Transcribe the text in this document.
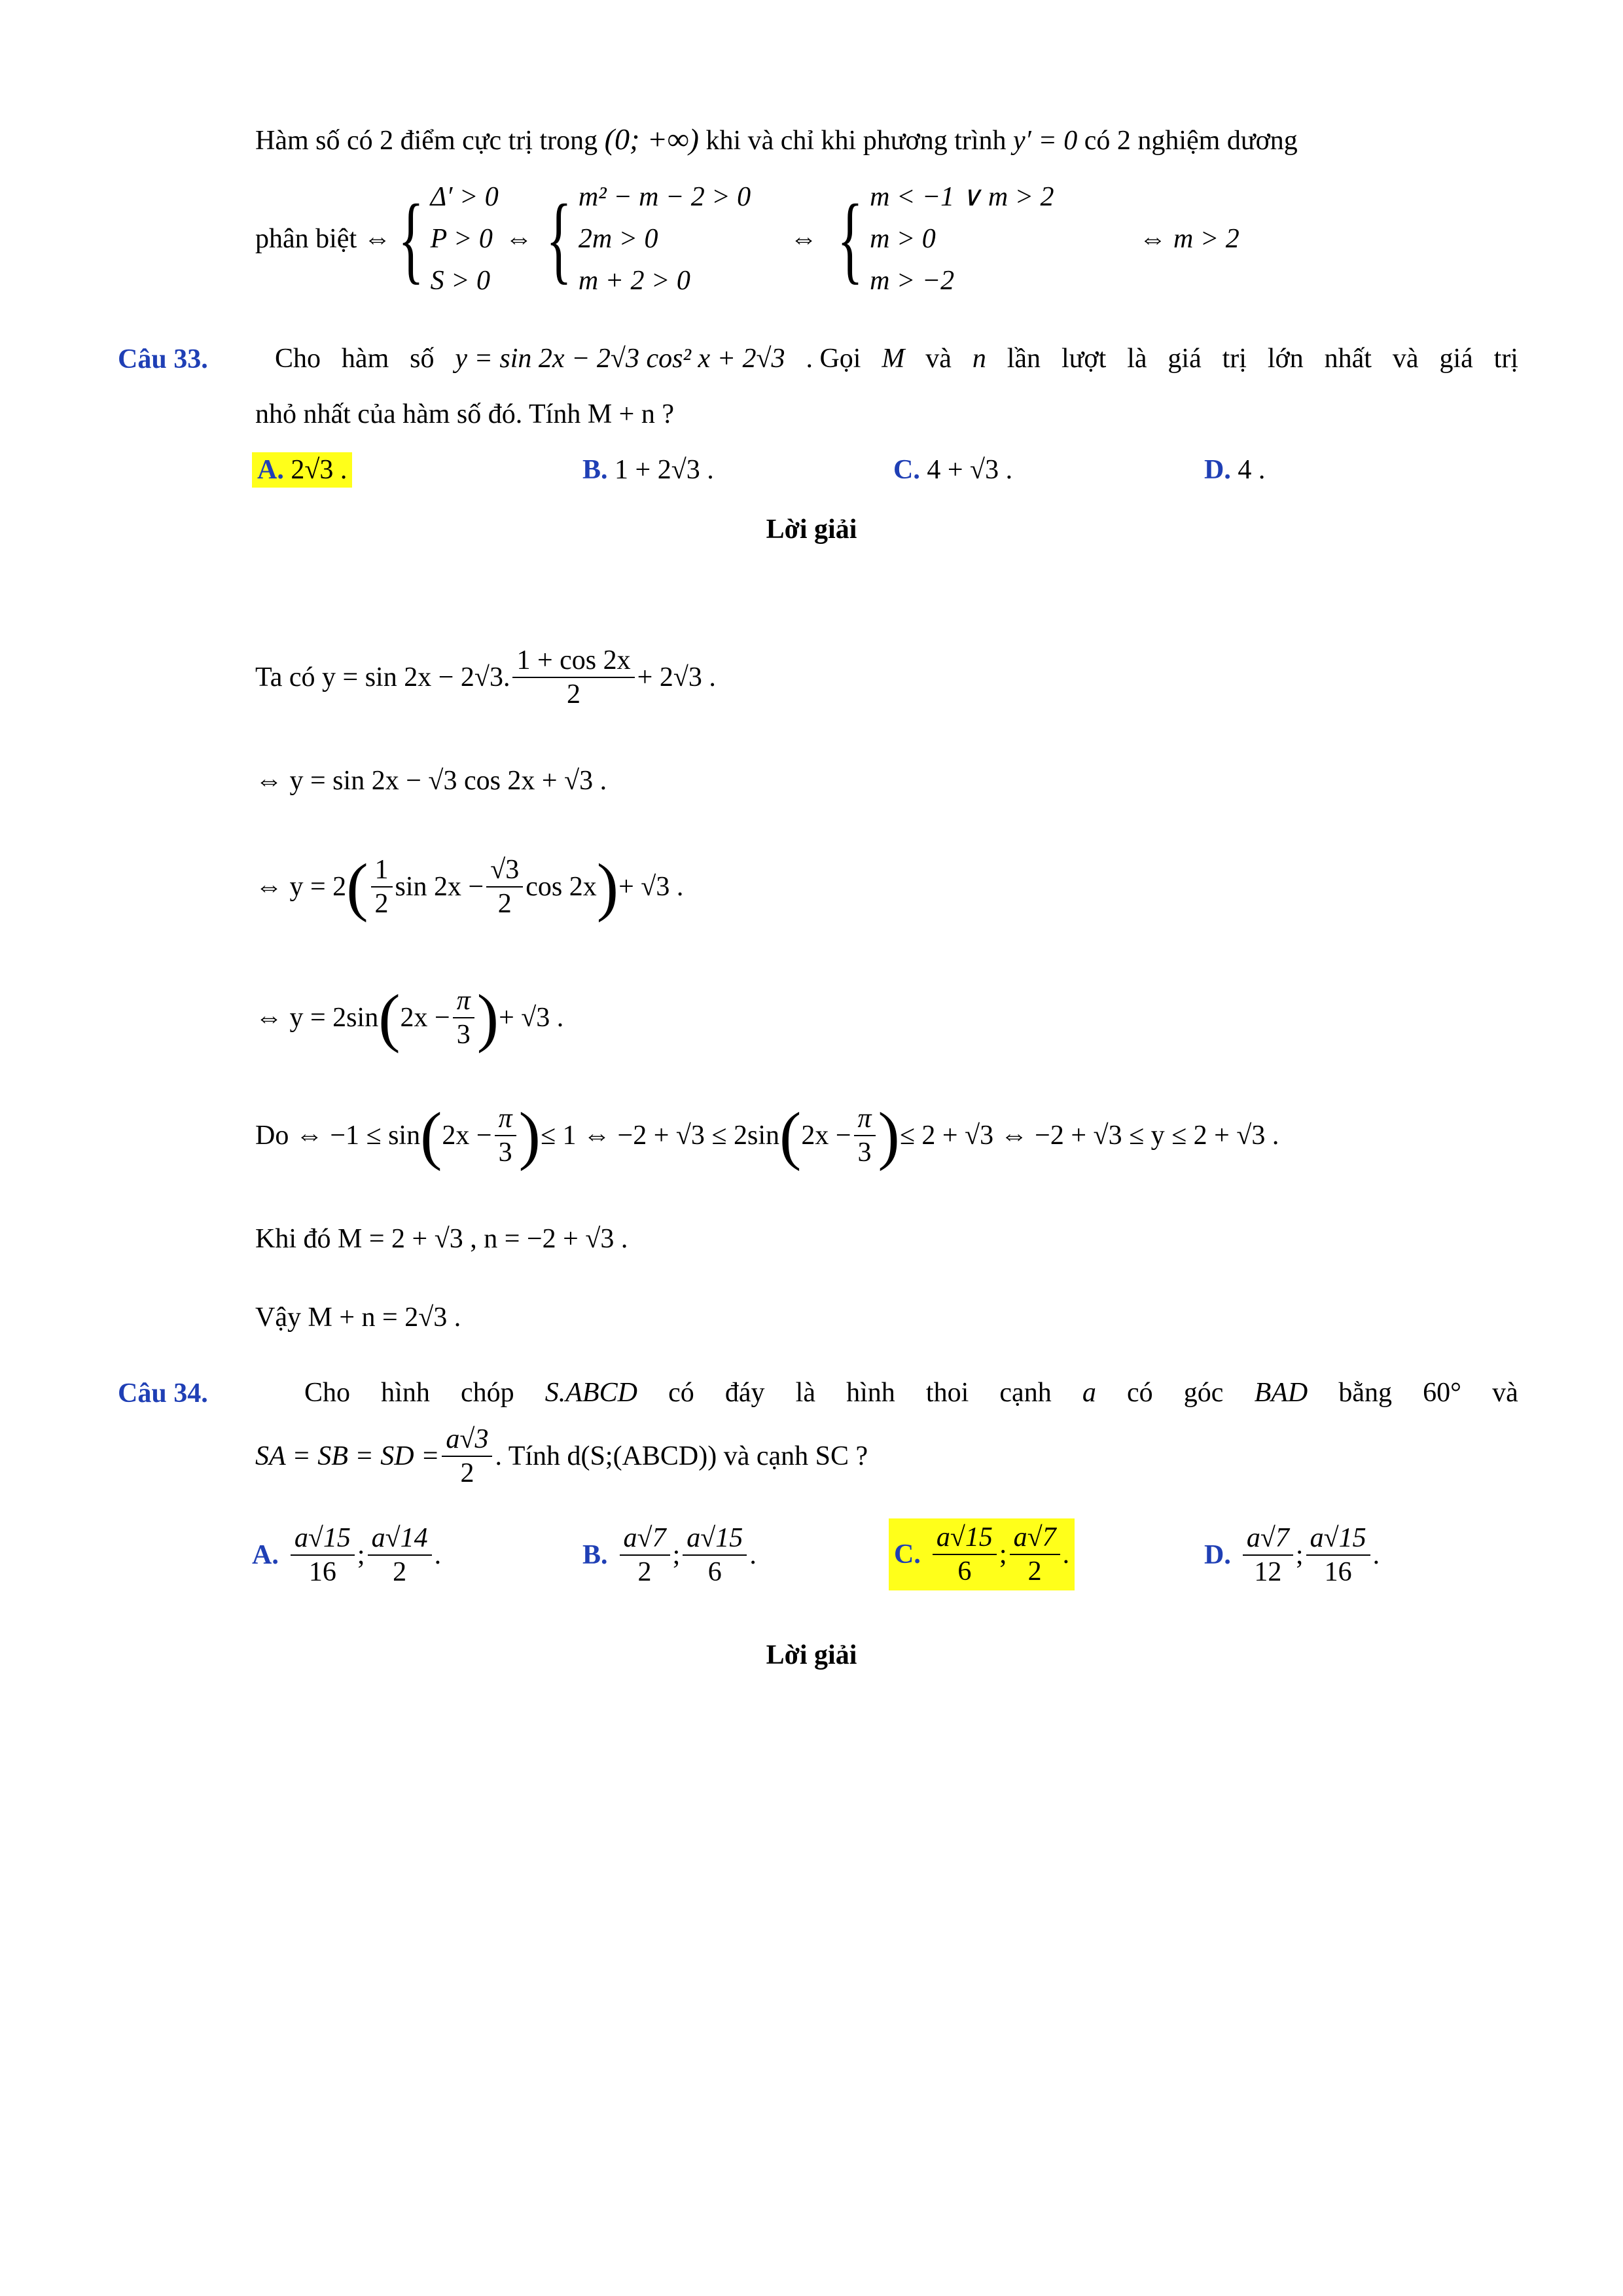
Hàm số có 2 điểm cực trị trong (0; +∞) khi và chỉ khi phương trình y′ = 0 có 2 nghiệm dương
phân biệt ⇔ { Δ′ > 0
P > 0
S > 0
⇔ { m² − m − 2 > 0
2m > 0
m + 2 > 0
⇔ { m < −1 ∨ m > 2
m > 0
m > −2
⇔ m > 2
Câu 33. Cho hàm số y = sin 2x − 2√3 cos² x + 2√3 . Gọi M và n lần lượt là giá trị lớn nhất và giá trị
nhỏ nhất của hàm số đó. Tính M + n ?
A. 2√3 .	B. 1 + 2√3 .	C. 4 + √3 .	D. 4 .
Lời giải
Ta có y = sin 2x − 2√3. $\frac{1 + \cos 2x}{2} + 2√3$ .
⇔ y = sin 2x − √3 cos 2x + √3 .
⇔ y = 2 ( $\frac{1}{2}$ $\sin 2x - \frac{√3}{2}$ cos 2x ) + √3 .
⇔ y = 2sin ( $2x - \frac{\pi}{3}$ ) + √3 .
Do ⇔ −1 ≤ sin ( $2x - \frac{\pi}{3}$ ) ≤ 1 ⇔ −2 + √3 ≤ 2sin ( $2x - \frac{\pi}{3}$ ) ≤ 2 + √3 ⇔ −2 + √3 ≤ y ≤ 2 + √3 .
Khi đó M = 2 + √3 , n = −2 + √3 .
Vậy M + n = 2√3 .
Câu 34.	Cho hình chóp S.ABCD có đáy là hình thoi cạnh a có góc BAD bằng 60° và
SA = SB = SD = $\frac{a√3}{2}$ . Tính d(S;(ABCD)) và cạnh SC ?
A. $\frac{a√15}{16}$ ; $\frac{a√14}{2}$ .	B. $\frac{a√7}{2}$ ; $\frac{a√15}{6}$ .	C. $\frac{a√15}{6}$ ; $\frac{a√7}{2}$ .	D. $\frac{a√7}{12}$ ; $\frac{a√15}{16}$ .
Lời giải
